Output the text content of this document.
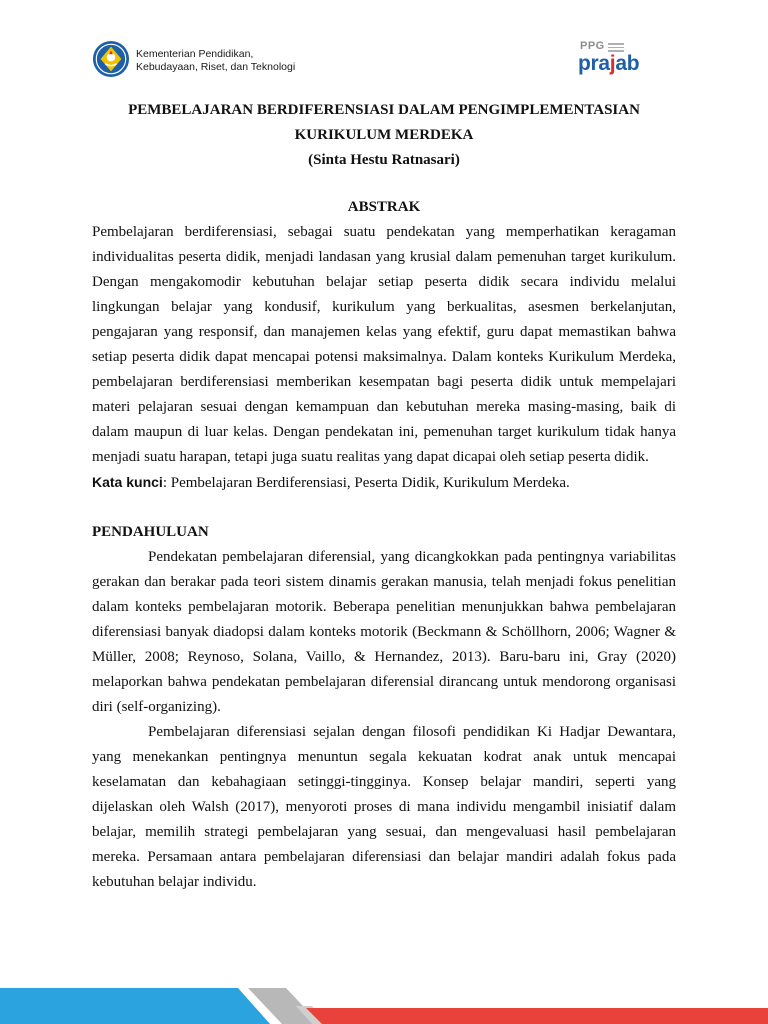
Kementerian Pendidikan,
Kebudayaan, Riset, dan Teknologi
PPG
prajab
PEMBELAJARAN BERDIFERENSIASI DALAM PENGIMPLEMENTASIAN
KURIKULUM MERDEKA
(Sinta Hestu Ratnasari)
ABSTRAK

Pembelajaran berdiferensiasi, sebagai suatu pendekatan yang memperhatikan keragaman individualitas peserta didik, menjadi landasan yang krusial dalam pemenuhan target kurikulum. Dengan mengakomodir kebutuhan belajar setiap peserta didik secara individu melalui lingkungan belajar yang kondusif, kurikulum yang berkualitas, asesmen berkelanjutan, pengajaran yang responsif, dan manajemen kelas yang efektif, guru dapat memastikan bahwa setiap peserta didik dapat mencapai potensi maksimalnya. Dalam konteks Kurikulum Merdeka, pembelajaran berdiferensiasi memberikan kesempatan bagi peserta didik untuk mempelajari materi pelajaran sesuai dengan kemampuan dan kebutuhan mereka masing-masing, baik di dalam maupun di luar kelas. Dengan pendekatan ini, pemenuhan target kurikulum tidak hanya menjadi suatu harapan, tetapi juga suatu realitas yang dapat dicapai oleh setiap peserta didik.

Kata kunci: Pembelajaran Berdiferensiasi, Peserta Didik, Kurikulum Merdeka.
PENDAHULUAN

Pendekatan pembelajaran diferensial, yang dicangkokkan pada pentingnya variabilitas gerakan dan berakar pada teori sistem dinamis gerakan manusia, telah menjadi fokus penelitian dalam konteks pembelajaran motorik. Beberapa penelitian menunjukkan bahwa pembelajaran diferensiasi banyak diadopsi dalam konteks motorik (Beckmann & Schöllhorn, 2006; Wagner & Müller, 2008; Reynoso, Solana, Vaillo, & Hernandez, 2013). Baru-baru ini, Gray (2020) melaporkan bahwa pendekatan pembelajaran diferensial dirancang untuk mendorong organisasi diri (self-organizing).

Pembelajaran diferensiasi sejalan dengan filosofi pendidikan Ki Hadjar Dewantara, yang menekankan pentingnya menuntun segala kekuatan kodrat anak untuk mencapai keselamatan dan kebahagiaan setinggi-tingginya. Konsep belajar mandiri, seperti yang dijelaskan oleh Walsh (2017), menyoroti proses di mana individu mengambil inisiatif dalam belajar, memilih strategi pembelajaran yang sesuai, dan mengevaluasi hasil pembelajaran mereka. Persamaan antara pembelajaran diferensiasi dan belajar mandiri adalah fokus pada kebutuhan belajar individu.
